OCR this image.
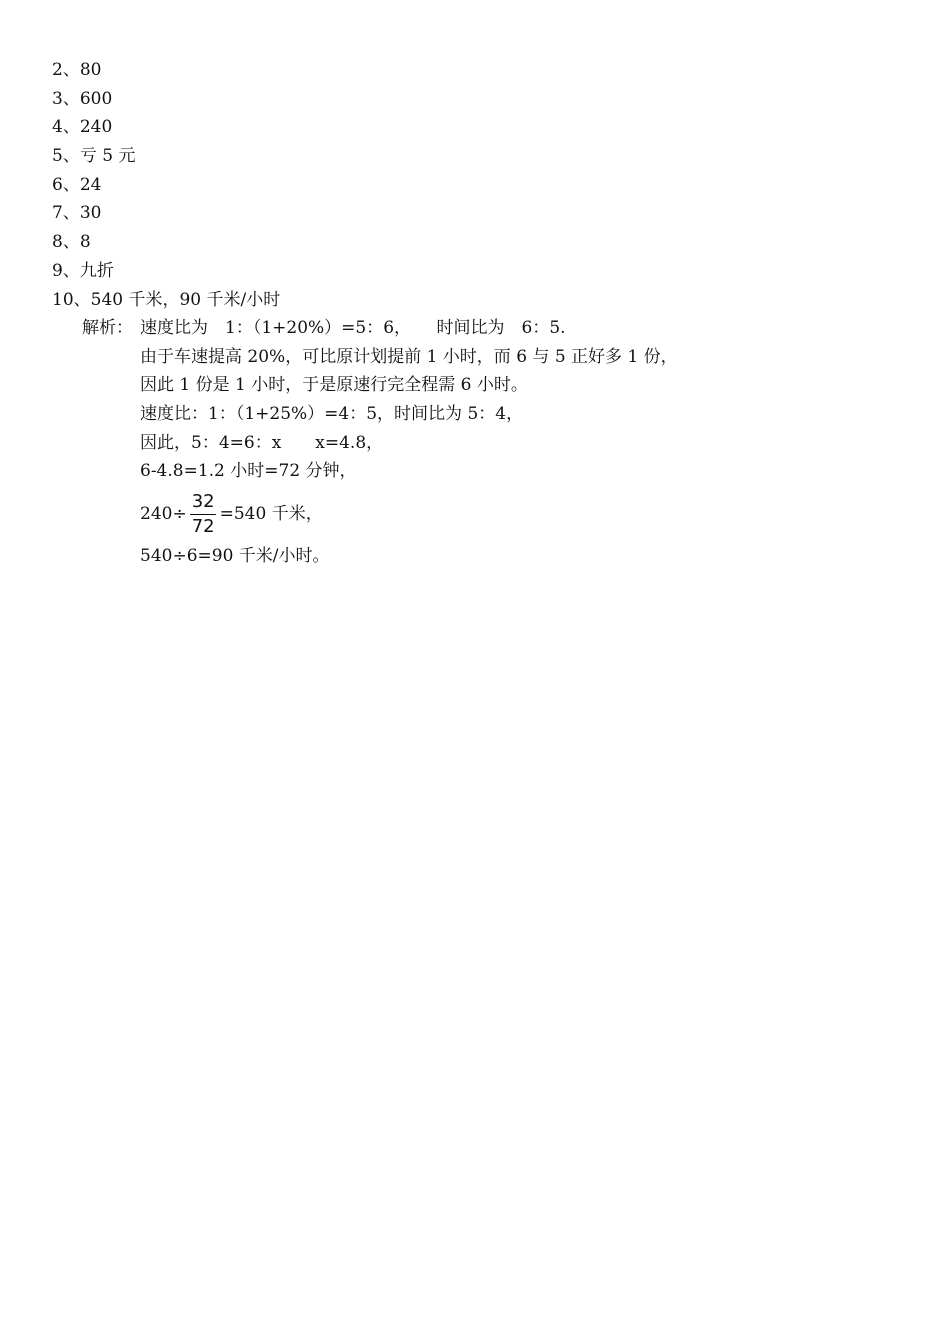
2、80
3、600
4、240
5、亏 5 元
6、24
7、30
8、8
9、九折
10、540 千米，90 千米/小时
解析： 速度比为　1：（1+20%）=5：6，　　时间比为　6：5.
由于车速提高 20%，可比原计划提前 1 小时，而 6 与 5 正好多 1 份，
因此 1 份是 1 小时，于是原速行完全程需 6 小时。
速度比：1：（1+25%）=4：5，时间比为 5：4，
因此，5：4=6：x　　x=4.8，
6-4.8=1.2 小时=72 分钟，
$240\div \frac{32}{72} =540$ 千米，
540÷6=90 千米/小时。
